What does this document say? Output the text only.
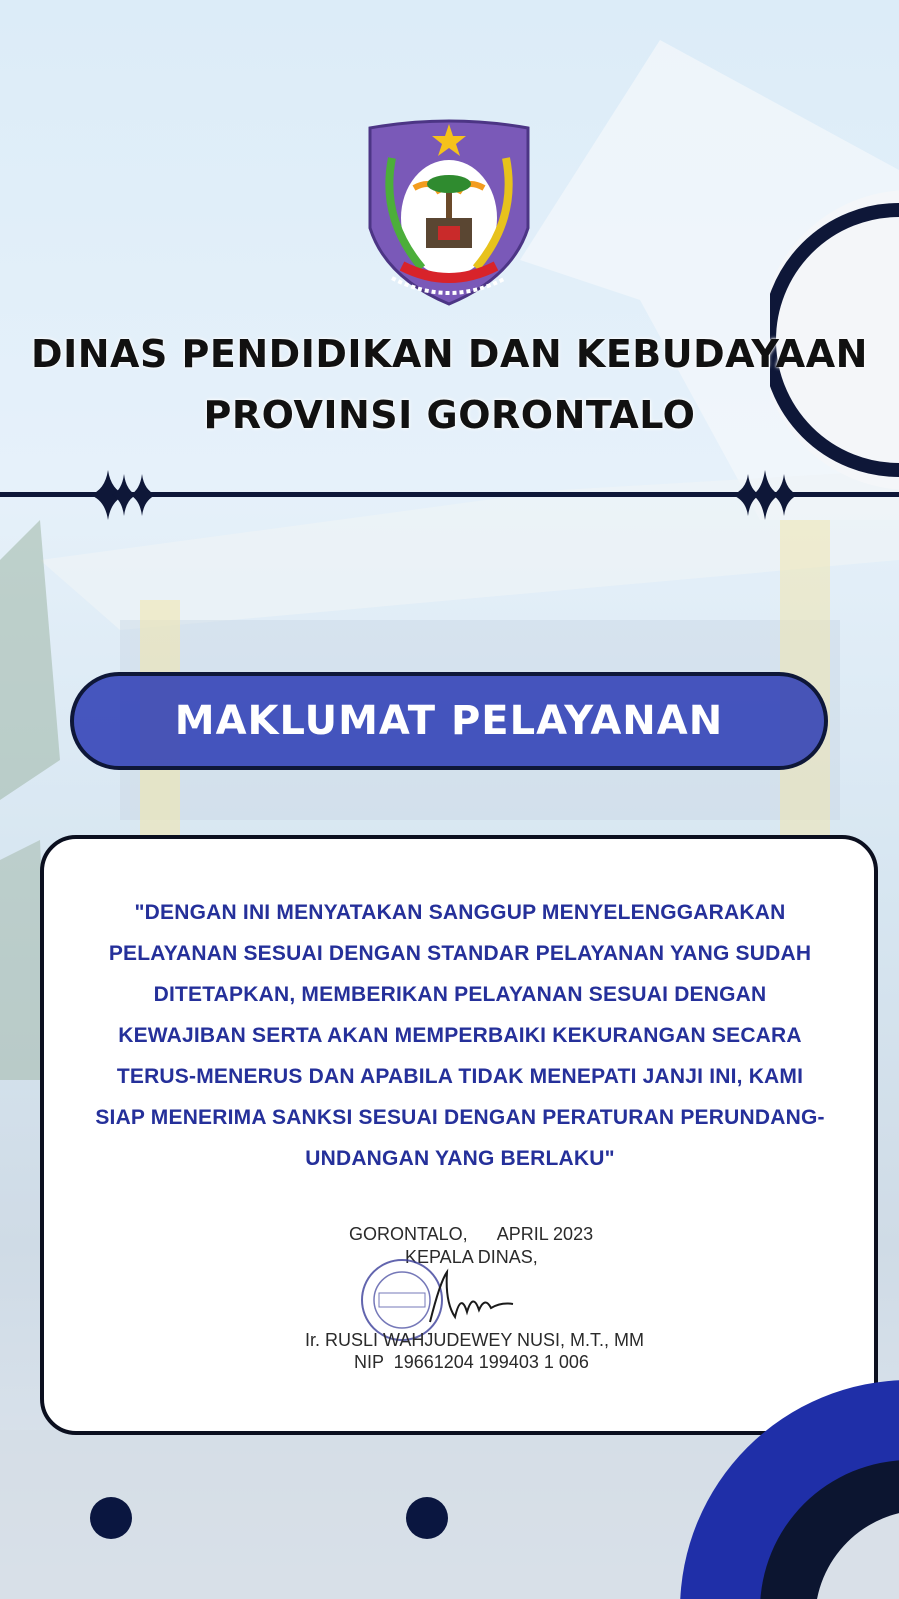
DINAS PENDIDIKAN DAN KEBUDAYAAN
PROVINSI GORONTALO
MAKLUMAT PELAYANAN
"DENGAN INI MENYATAKAN SANGGUP MENYELENGGARAKAN PELAYANAN SESUAI DENGAN STANDAR PELAYANAN YANG SUDAH DITETAPKAN, MEMBERIKAN PELAYANAN SESUAI DENGAN KEWAJIBAN SERTA AKAN MEMPERBAIKI KEKURANGAN SECARA TERUS-MENERUS DAN APABILA TIDAK MENEPATI JANJI INI, KAMI SIAP MENERIMA SANKSI SESUAI DENGAN PERATURAN PERUNDANG-UNDANGAN YANG BERLAKU"
GORONTALO,      APRIL 2023
KEPALA DINAS,
Ir. RUSLI WAHJUDEWEY NUSI, M.T., MM
NIP  19661204 199403 1 006
